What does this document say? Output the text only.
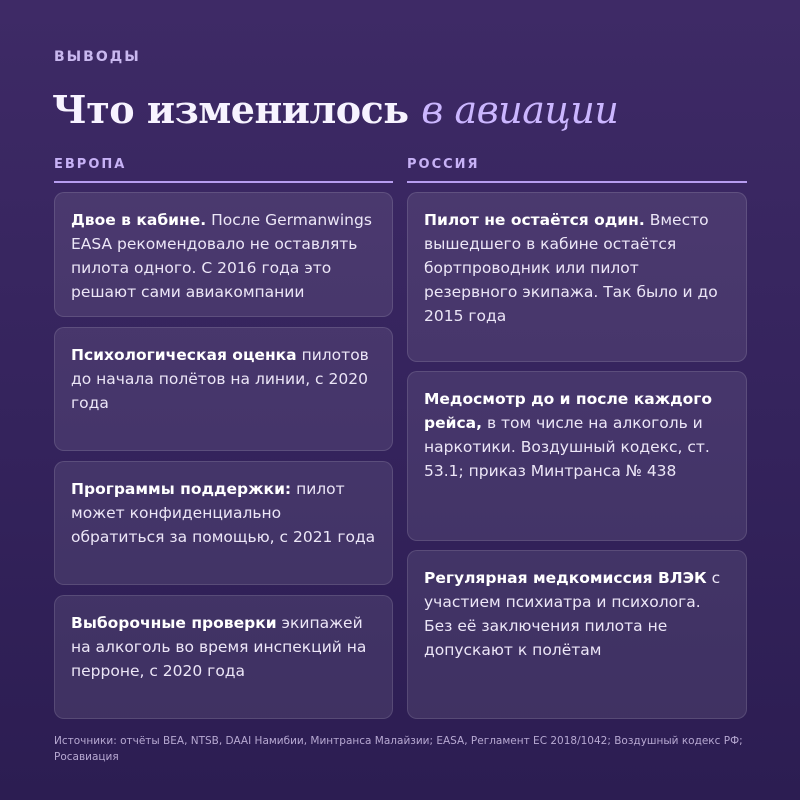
ВЫВОДЫ
Что изменилось в авиации
ЕВРОПА
Двое в кабине. После Germanwings EASA рекомендовало не оставлять пилота одного. С 2016 года это решают сами авиакомпании
Психологическая оценка пилотов до начала полётов на линии, с 2020 года
Программы поддержки: пилот может конфиденциально обратиться за помощью, с 2021 года
Выборочные проверки экипажей на алкоголь во время инспекций на перроне, с 2020 года
РОССИЯ
Пилот не остаётся один. Вместо вышедшего в кабине остаётся бортпроводник или пилот резервного экипажа. Так было и до 2015 года
Медосмотр до и после каждого рейса, в том числе на алкоголь и наркотики. Воздушный кодекс, ст. 53.1; приказ Минтранса № 438
Регулярная медкомиссия ВЛЭК с участием психиатра и психолога. Без её заключения пилота не допускают к полётам
Источники: отчёты BEA, NTSB, DAAI Намибии, Минтранса Малайзии; EASA, Регламент ЕС 2018/1042; Воздушный кодекс РФ; Росавиация
